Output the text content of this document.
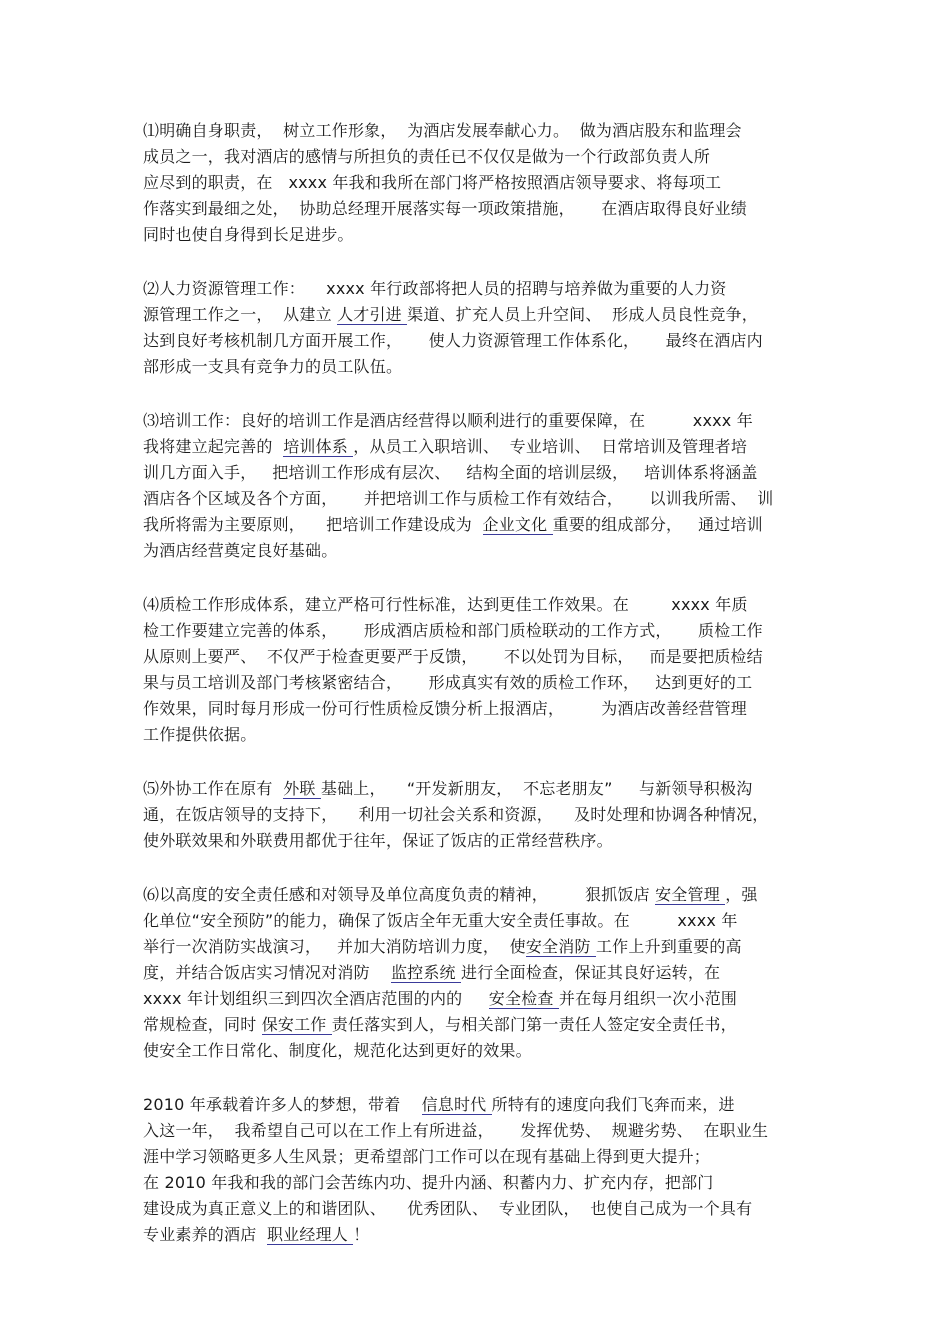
⑴明确自身职责，  树立工作形象，  为酒店发展奉献心力。  做为酒店股东和监理会
成员之一，我对酒店的感情与所担负的责任已不仅仅是做为一个行政部负责人所
应尽到的职责，在   xxxx 年我和我所在部门将严格按照酒店领导要求、将每项工
作落实到最细之处，  协助总经理开展落实每一项政策措施，     在酒店取得良好业绩
同时也使自身得到长足进步。
⑵人力资源管理工作：    xxxx 年行政部将把人员的招聘与培养做为重要的人力资
源管理工作之一，  从建立 人才引进 渠道、扩充人员上升空间、  形成人员良性竞争，
达到良好考核机制几方面开展工作，     使人力资源管理工作体系化，     最终在酒店内
部形成一支具有竞争力的员工队伍。
⑶培训工作：良好的培训工作是酒店经营得以顺利进行的重要保障，在         xxxx 年
我将建立起完善的  培训体系 ，从员工入职培训、  专业培训、  日常培训及管理者培
训几方面入手，   把培训工作形成有层次、   结构全面的培训层级，   培训体系将涵盖
酒店各个区域及各个方面，     并把培训工作与质检工作有效结合，     以训我所需、  训
我所将需为主要原则，    把培训工作建设成为  企业文化 重要的组成部分，   通过培训
为酒店经营奠定良好基础。
⑷质检工作形成体系，建立严格可行性标准，达到更佳工作效果。在        xxxx 年质
检工作要建立完善的体系，     形成酒店质检和部门质检联动的工作方式，     质检工作
从原则上要严、  不仅严于检查更要严于反馈，     不以处罚为目标，   而是要把质检结
果与员工培训及部门考核紧密结合，     形成真实有效的质检工作环，   达到更好的工
作效果，同时每月形成一份可行性质检反馈分析上报酒店，       为酒店改善经营管理
工作提供依据。
⑸外协工作在原有  外联 基础上，    “开发新朋友，  不忘老朋友”     与新领导积极沟
通，在饭店领导的支持下，    利用一切社会关系和资源，    及时处理和协调各种情况，
使外联效果和外联费用都优于往年，保证了饭店的正常经营秩序。
⑹以高度的安全责任感和对领导及单位高度负责的精神，       狠抓饭店 安全管理 ，强
化单位“安全预防”的能力，确保了饭店全年无重大安全责任事故。在         xxxx 年
举行一次消防实战演习，   并加大消防培训力度，  使安全消防 工作上升到重要的高
度，并结合饭店实习情况对消防    监控系统 进行全面检查，保证其良好运转，在
xxxx 年计划组织三到四次全酒店范围的内的     安全检查 并在每月组织一次小范围
常规检查，同时 保安工作 责任落实到人，与相关部门第一责任人签定安全责任书，
使安全工作日常化、制度化，规范化达到更好的效果。
2010 年承载着许多人的梦想，带着    信息时代 所特有的速度向我们飞奔而来，进
入这一年，  我希望自己可以在工作上有所进益，     发挥优势、  规避劣势、  在职业生
涯中学习领略更多人生风景；更希望部门工作可以在现有基础上得到更大提升；
在 2010 年我和我的部门会苦练内功、提升内涵、积蓄内力、扩充内存，把部门
建设成为真正意义上的和谐团队、    优秀团队、  专业团队，  也使自己成为一个具有
专业素养的酒店  职业经理人 ！
